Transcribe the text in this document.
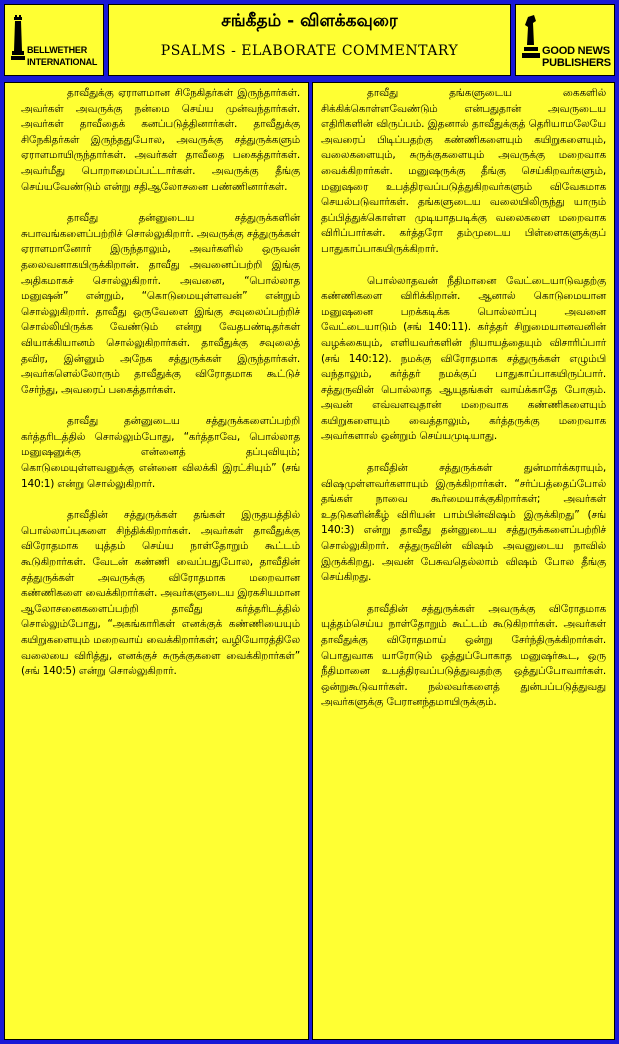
BELLWETHER
INTERNATIONAL
சங்கீதம் - விளக்கவுரை
PSALMS - ELABORATE COMMENTARY	GOOD NEWS
PUBLISHERS

தாவீதுக்கு ஏராளமான சிநேகிதர்கள் இருந்தார்கள். அவர்கள் அவருக்கு நன்மை செய்ய முன்வந்தார்கள். அவர்கள் தாவீதைக் கனப்படுத்தினார்கள். தாவீதுக்கு சிநேகிதர்கள் இருந்ததுபோல, அவருக்கு சத்துருக்களும் ஏராளமாயிருந்தார்கள். அவர்கள் தாவீதை பகைத்தார்கள். அவர்மீது பொறாமைப்பட்டார்கள். அவருக்கு தீங்கு செய்யவேண்டும் என்று சதிஆலோசனை பண்ணினார்கள்.

தாவீது தன்னுடைய சத்துருக்களின் சுபாவங்களைப்பற்றிச் சொல்லுகிறார். அவருக்கு சத்துருக்கள் ஏராளமானோர் இருந்தாலும், அவர்களில் ஒருவன் தலைவனாகயிருக்கிறான். தாவீது அவனைப்பற்றி இங்கு அதிகமாகச் சொல்லுகிறார். அவனை, “பொல்லாத மனுஷன்” என்றும், “கொடுமையுள்ளவன்” என்றும் சொல்லுகிறார். தாவீது ஒருவேளை இங்கு சவுலைப்பற்றிச் சொல்லியிருக்க வேண்டும் என்று வேதபண்டிதர்கள் வியாக்கியானம் சொல்லுகிறார்கள். தாவீதுக்கு சவுலைத் தவிர, இன்னும் அநேக சத்துருக்கள் இருந்தார்கள். அவர்களெல்லோரும் தாவீதுக்கு விரோதமாக கூட்டுச் சேர்ந்து, அவரைப் பகைத்தார்கள்.

தாவீது தன்னுடைய சத்துருக்களைப்பற்றி கர்த்தரிடத்தில் சொல்லும்போது, “கர்த்தாவே, பொல்லாத மனுஷனுக்கு என்னைத் தப்புவியும்; கொடுமையுள்ளவனுக்கு என்னை விலக்கி இரட்சியும்” (சங் 140:1) என்று சொல்லுகிறார்.

தாவீதின் சத்துருக்கள் தங்கள் இருதயத்தில் பொல்லாப்புகளை சிந்திக்கிறார்கள். அவர்கள் தாவீதுக்கு விரோதமாக யுத்தம் செய்ய நாள்தோறும் கூட்டம் கூடுகிறார்கள். வேடன் கண்ணி வைப்பதுபோல, தாவீதின் சத்துருக்கள் அவருக்கு விரோதமாக மறைவான கண்ணிகளை வைக்கிறார்கள். அவர்களுடைய இரகசியமான ஆலோசனைகளைப்பற்றி தாவீது கர்த்தரிடத்தில் சொல்லும்போது, “அகங்காரிகள் எனக்குக் கண்ணியையும் கயிறுகளையும் மறைவாய் வைக்கிறார்கள்; வழியோரத்திலே வலையை விரித்து, எனக்குச் சுருக்குகளை வைக்கிறார்கள்” (சங் 140:5) என்று சொல்லுகிறார்.

தாவீது தங்களுடைய கைகளில் சிக்கிக்கொள்ளவேண்டும் என்பதுதான் அவருடைய எதிரிகளின் விருப்பம். இதனால் தாவீதுக்குத் தெரியாமலேயே அவரைப் பிடிப்பதற்கு கண்ணிகளையும் கயிறுகளையும், வலைகளையும், சுருக்குகளையும் அவருக்கு மறைவாக வைக்கிறார்கள். மனுஷருக்கு தீங்கு செய்கிறவர்களும், மனுஷரை உபத்திரவப்படுத்துகிறவர்களும் விவேகமாக செயல்படுவார்கள். தங்களுடைய வலையிலிருந்து யாரும் தப்பித்துக்கொள்ள முடியாதபடிக்கு வலைகளை மறைவாக விரிப்பார்கள். கர்த்தரோ தம்முடைய பிள்ளைகளுக்குப் பாதுகாப்பாகயிருக்கிறார்.

பொல்லாதவன் நீதிமானை வேட்டையாடுவதற்கு கண்ணிகளை விரிக்கிறான். ஆனால் கொடுமையான மனுஷனை பறக்கடிக்க பொல்லாப்பு அவனை வேட்டையாடும் (சங் 140:11). கர்த்தர் சிறுமையானவனின் வழக்கையும், எளியவர்களின் நியாயத்தையும் விசாரிப்பார் (சங் 140:12). நமக்கு விரோதமாக சத்துருக்கள் எழும்பி வந்தாலும், கர்த்தர் நமக்குப் பாதுகாப்பாகயிருப்பார். சத்துருவின் பொல்லாத ஆயுதங்கள் வாய்க்காதே போகும். அவன் எவ்வளவுதான் மறைவாக கண்ணிகளையும் கயிறுகளையும் வைத்தாலும், கர்த்தருக்கு மறைவாக அவர்களால் ஒன்றும் செய்யமுடியாது.

தாவீதின் சத்துருக்கள் துன்மார்க்கராயும், விஷமுள்ளவர்களாயும் இருக்கிறார்கள். “சர்ப்பத்தைப்போல் தங்கள் நாவை கூர்மையாக்குகிறார்கள்; அவர்கள் உதடுகளின்கீழ் விரியன் பாம்பின்விஷம் இருக்கிறது” (சங் 140:3) என்று தாவீது தன்னுடைய சத்துருக்களைப்பற்றிச் சொல்லுகிறார். சத்துருவின் விஷம் அவனுடைய நாவில் இருக்கிறது. அவன் பேசுவதெல்லாம் விஷம் போல தீங்கு செய்கிறது.

தாவீதின் சத்துருக்கள் அவருக்கு விரோதமாக யுத்தம்செய்ய நாள்தோறும் கூட்டம் கூடுகிறார்கள். அவர்கள் தாவீதுக்கு விரோதமாய் ஒன்று சேர்ந்திருக்கிறார்கள். பொதுவாக யாரோடும் ஒத்துப்போகாத மனுஷர்கூட, ஒரு நீதிமானை உபத்திரவப்படுத்துவதற்கு ஒத்துப்போவார்கள். ஒன்றுகூடுவார்கள். நல்லவர்களைத் துன்பப்படுத்துவது அவர்களுக்கு பேரானந்தமாயிருக்கும்.
